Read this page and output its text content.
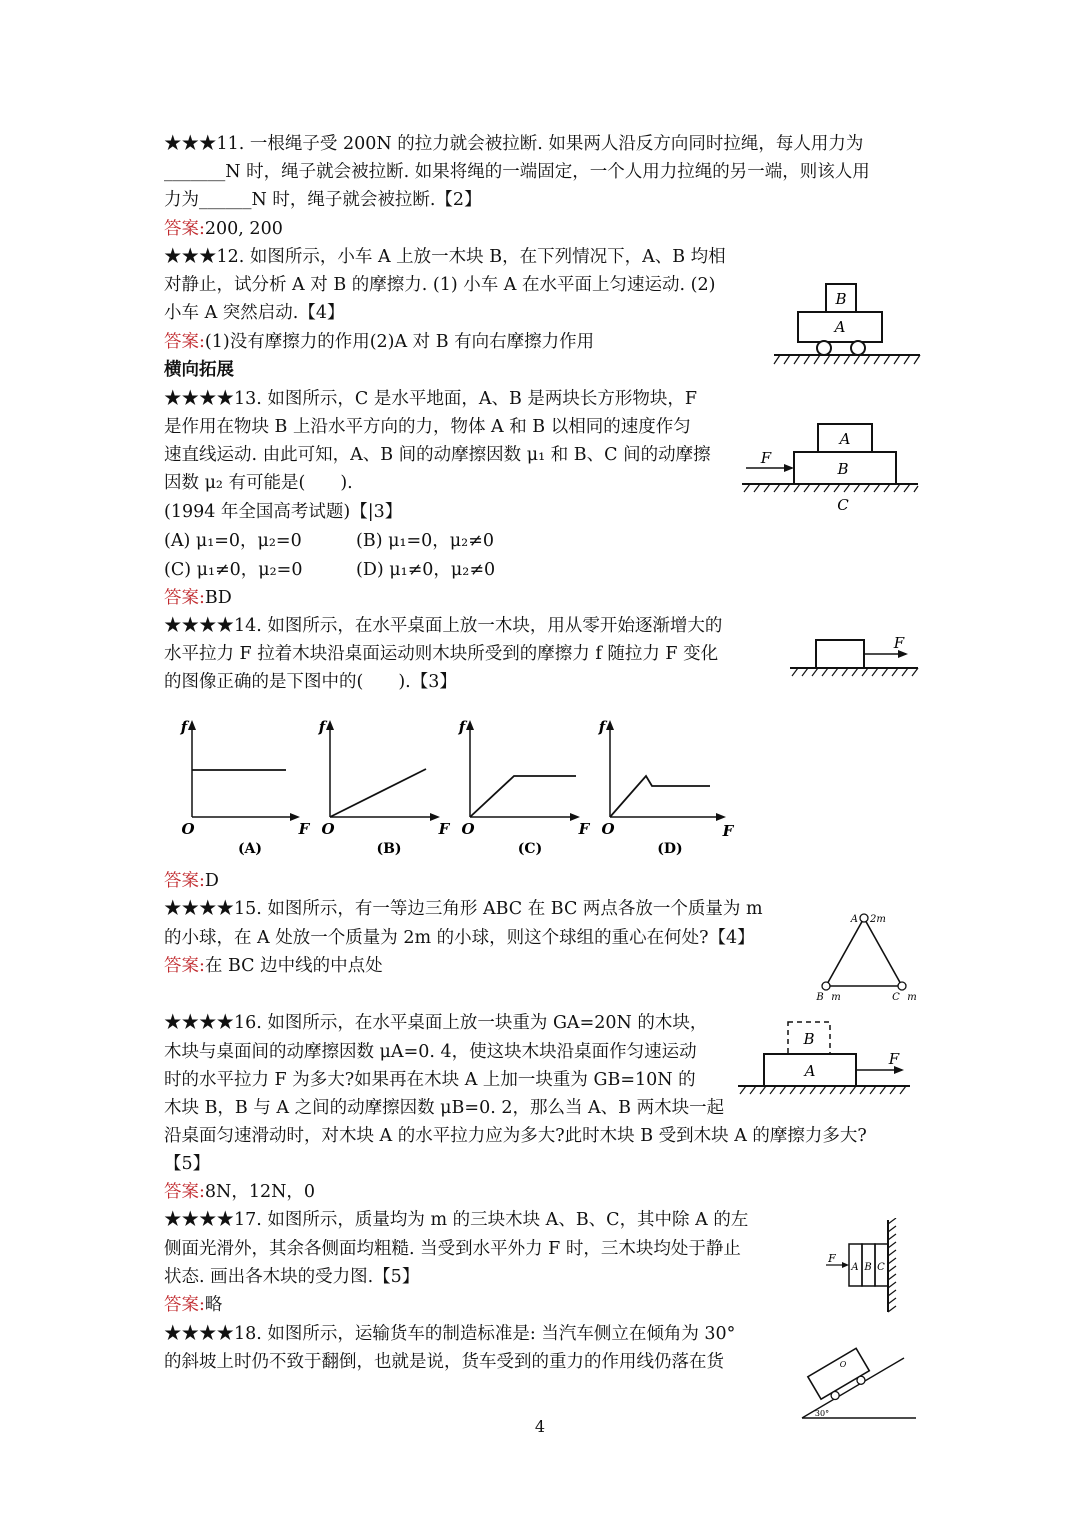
★★★11. 一根绳子受 200N 的拉力就会被拉断. 如果两人沿反方向同时拉绳，每人用力为
_______N 时，绳子就会被拉断. 如果将绳的一端固定，一个人用力拉绳的另一端，则该人用
力为______N 时，绳子就会被拉断.【2】
答案:200, 200
★★★12. 如图所示，小车 A 上放一木块 B，在下列情况下，A、B 均相
对静止，试分析 A 对 B 的摩擦力. (1) 小车 A 在水平面上匀速运动. (2)
小车 A 突然启动.【4】
答案:(1)没有摩擦力的作用(2)A 对 B 有向右摩擦力作用
B
A
横向拓展
★★★★13. 如图所示，C 是水平地面，A、B 是两块长方形物块，F
是作用在物块 B 上沿水平方向的力，物体 A 和 B 以相同的速度作匀
速直线运动. 由此可知，A、B 间的动摩擦因数 μ₁ 和 B、C 间的动摩擦
因数 μ₂ 有可能是(　　).
(1994 年全国高考试题)【|3】
(A) μ₁=0，μ₂=0	(B) μ₁=0，μ₂≠0
(C) μ₁≠0，μ₂=0	(D) μ₁≠0，μ₂≠0
答案:BD
A
B
F
C
★★★★14. 如图所示，在水平桌面上放一木块，用从零开始逐渐增大的
水平拉力 F 拉着木块沿桌面运动则木块所受到的摩擦力 f 随拉力 F 变化
的图像正确的是下图中的(　　).【3】
F
f
O	F
(A)
f
O	F
(B)
f
O	F
(C)
f
O	F
(D)
答案:D
★★★★15. 如图所示，有一等边三角形 ABC 在 BC 两点各放一个质量为 m
的小球，在 A 处放一个质量为 2m 的小球，则这个球组的重心在何处?【4】
答案:在 BC 边中线的中点处
A 2m
B m	C m
★★★★16. 如图所示，在水平桌面上放一块重为 GA=20N 的木块，
木块与桌面间的动摩擦因数 μA=0. 4，使这块木块沿桌面作匀速运动
时的水平拉力 F 为多大?如果再在木块 A 上加一块重为 GB=10N 的
木块 B，B 与 A 之间的动摩擦因数 μB=0. 2，那么当 A、B 两木块一起
沿桌面匀速滑动时，对木块 A 的水平拉力应为多大?此时木块 B 受到木块 A 的摩擦力多大?
【5】
答案:8N，12N，0
B
A
F
★★★★17. 如图所示，质量均为 m 的三块木块 A、B、C，其中除 A 的左
侧面光滑外，其余各侧面均粗糙. 当受到水平外力 F 时，三木块均处于静止
状态. 画出各木块的受力图.【5】
答案:略
A B C
F
★★★★18. 如图所示，运输货车的制造标准是: 当汽车侧立在倾角为 30°
的斜坡上时仍不致于翻倒，也就是说，货车受到的重力的作用线仍落在货	O
30°
4
